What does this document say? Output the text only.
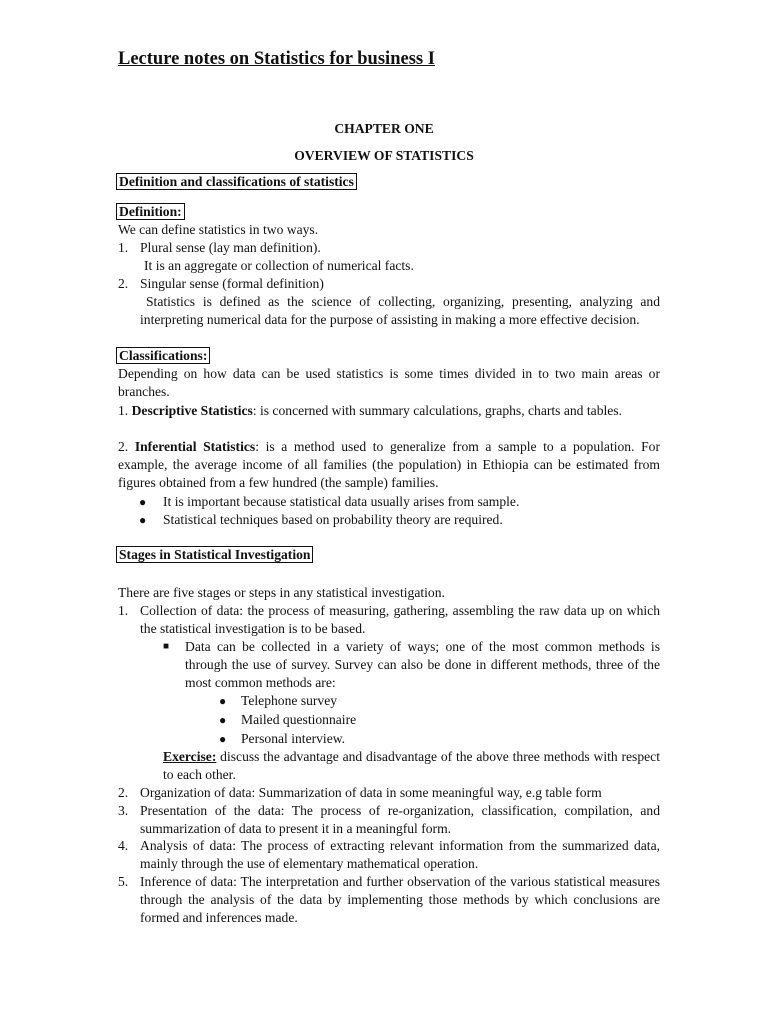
Lecture notes on Statistics for business I
CHAPTER ONE
OVERVIEW OF STATISTICS
Definition and classifications of statistics
Definition:
We can define statistics in two ways.
1. Plural sense (lay man definition).
It is an aggregate or collection of numerical facts.
2. Singular sense (formal definition)
Statistics is defined as the science of collecting, organizing, presenting, analyzing and interpreting numerical data for the purpose of assisting in making a more effective decision.
Classifications:
Depending on how data can be used statistics is some times divided in to two main areas or branches.
1. Descriptive Statistics: is concerned with summary calculations, graphs, charts and tables.
2. Inferential Statistics: is a method used to generalize from a sample to a population. For example, the average income of all families (the population) in Ethiopia can be estimated from figures obtained from a few hundred (the sample) families.
● It is important because statistical data usually arises from sample.
● Statistical techniques based on probability theory are required.
Stages in Statistical Investigation
There are five stages or steps in any statistical investigation.
1. Collection of data: the process of measuring, gathering, assembling the raw data up on which the statistical investigation is to be based.
■ Data can be collected in a variety of ways; one of the most common methods is through the use of survey. Survey can also be done in different methods, three of the most common methods are:
● Telephone survey
● Mailed questionnaire
● Personal interview.
Exercise: discuss the advantage and disadvantage of the above three methods with respect to each other.
2. Organization of data: Summarization of data in some meaningful way, e.g table form
3. Presentation of the data: The process of re-organization, classification, compilation, and summarization of data to present it in a meaningful form.
4. Analysis of data: The process of extracting relevant information from the summarized data, mainly through the use of elementary mathematical operation.
5. Inference of data: The interpretation and further observation of the various statistical measures through the analysis of the data by implementing those methods by which conclusions are formed and inferences made.
